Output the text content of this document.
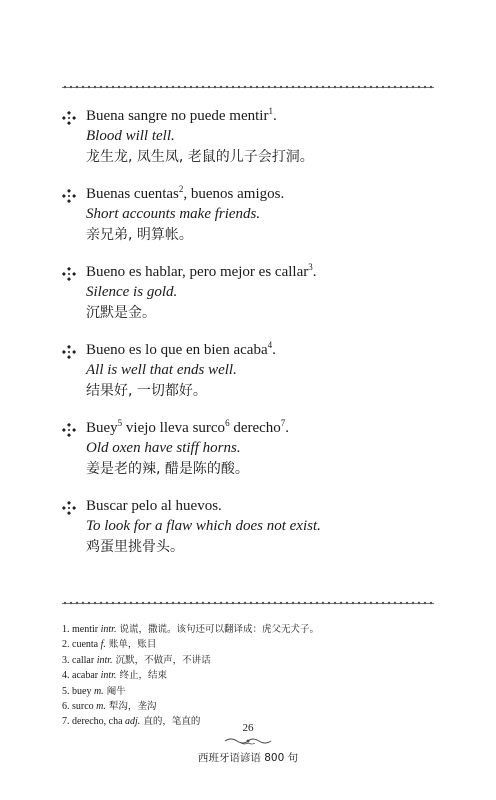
Buena sangre no puede mentir$^1$.
Blood will tell.
龙生龙, 凤生凤, 老鼠的儿子会打洞。
Buenas cuentas$^2$, buenos amigos.
Short accounts make friends.
亲兄弟, 明算帐。
Bueno es hablar, pero mejor es callar$^3$.
Silence is gold.
沉默是金。
Bueno es lo que en bien acaba$^4$.
All is well that ends well.
结果好, 一切都好。
Buey$^5$ viejo lleva surco$^6$ derecho$^7$.
Old oxen have stiff horns.
姜是老的辣, 醋是陈的酸。
Buscar pelo al huevos.
To look for a flaw which does not exist.
鸡蛋里挑骨头。
1. mentir intr. 说谎，撒谎。该句还可以翻译成：虎父无犬子。
2. cuenta f. 账单，账目
3. callar intr. 沉默，不做声，不讲话
4. acabar intr. 终止，结束
5. buey m. 阉牛
6. surco m. 犁沟，垄沟
7. derecho, cha adj. 直的，笔直的
26
西班牙语谚语 800 句
